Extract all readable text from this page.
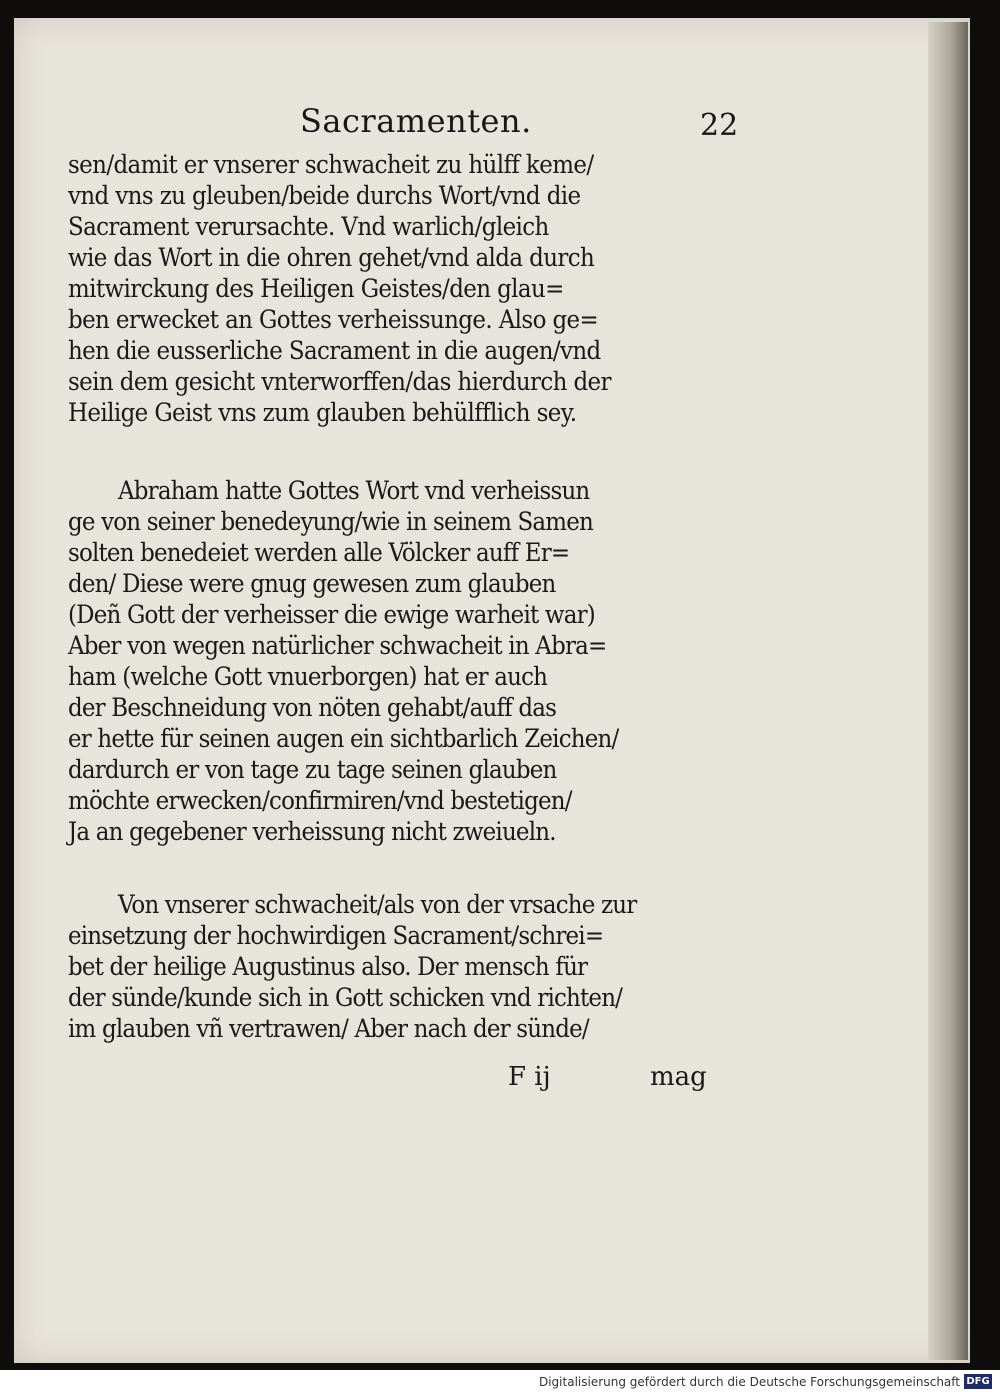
Sacramenten.	22
sen/damit er vnserer schwacheit zu hülff keme/
vnd vns zu gleuben/beide durchs Wort/vnd die
Sacrament verursachte. Vnd warlich/gleich
wie das Wort in die ohren gehet/vnd alda durch
mitwirckung des Heiligen Geistes/den glau=
ben erwecket an Gottes verheissunge. Also ge=
hen die eusserliche Sacrament in die augen/vnd
sein dem gesicht vnterworffen/das hierdurch der
Heilige Geist vns zum glauben behülfflich sey.
Abraham hatte Gottes Wort vnd verheissun
ge von seiner benedeyung/wie in seinem Samen
solten benedeiet werden alle Völcker auff Er=
den/ Diese were gnug gewesen zum glauben
(Deñ Gott der verheisser die ewige warheit war)
Aber von wegen natürlicher schwacheit in Abra=
ham (welche Gott vnuerborgen) hat er auch
der Beschneidung von nöten gehabt/auff das
er hette für seinen augen ein sichtbarlich Zeichen/
dardurch er von tage zu tage seinen glauben
möchte erwecken/confirmiren/vnd bestetigen/
Ja an gegebener verheissung nicht zweiueln.
Von vnserer schwacheit/als von der vrsache zur
einsetzung der hochwirdigen Sacrament/schrei=
bet der heilige Augustinus also. Der mensch für
der sünde/kunde sich in Gott schicken vnd richten/
im glauben vñ vertrawen/ Aber nach der sünde/
F ij	mag
Digitalisierung gefördert durch die Deutsche Forschungsgemeinschaft DFG
